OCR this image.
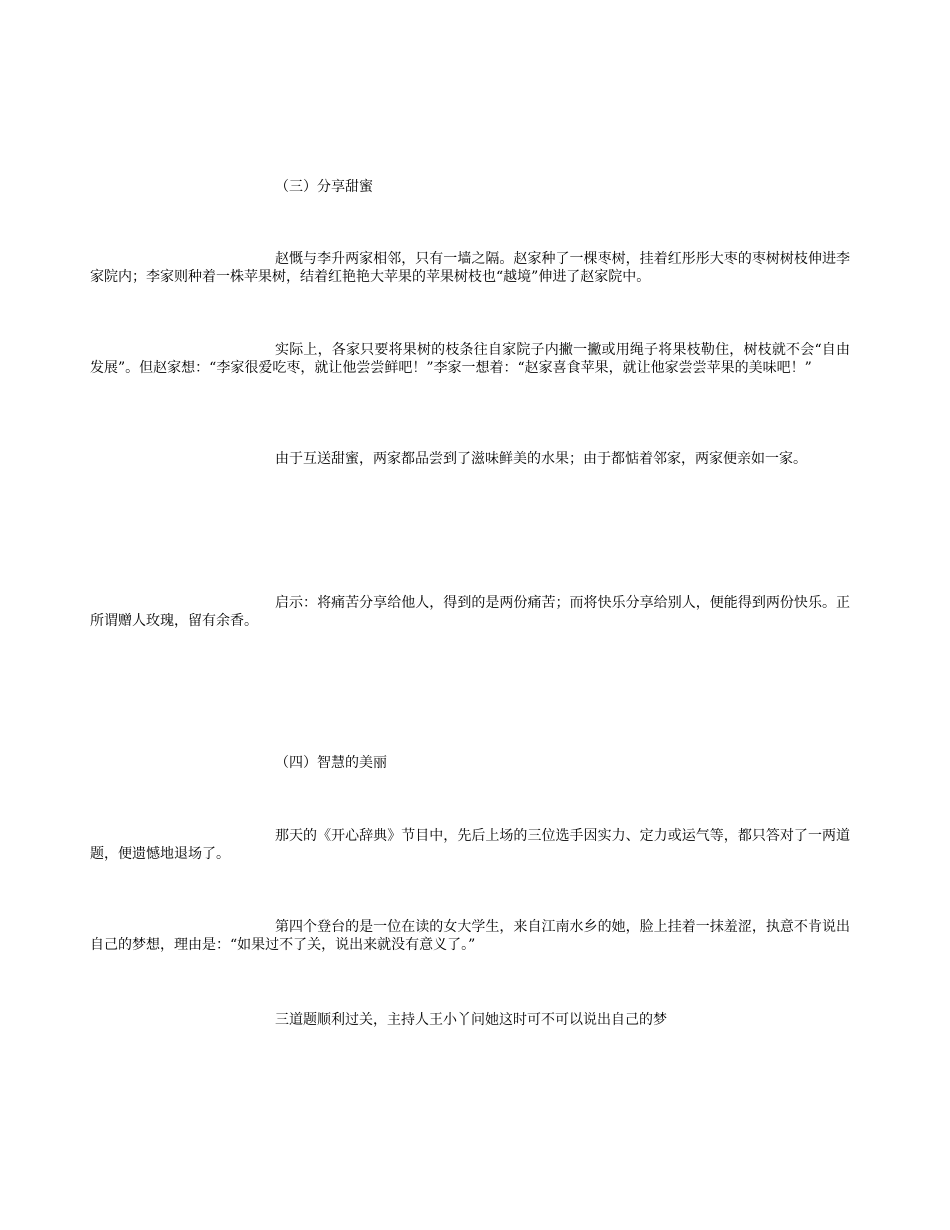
（三）分享甜蜜

赵慨与李升两家相邻，只有一墙之隔。赵家种了一棵枣树，挂着红彤彤大枣的枣树树枝伸进李家院内；李家则种着一株苹果树，结着红艳艳大苹果的苹果树枝也“越境”伸进了赵家院中。

实际上，各家只要将果树的枝条往自家院子内撇一撇或用绳子将果枝勒住，树枝就不会“自由发展”。但赵家想：“李家很爱吃枣，就让他尝尝鲜吧！”李家一想着：“赵家喜食苹果，就让他家尝尝苹果的美味吧！”

由于互送甜蜜，两家都品尝到了滋味鲜美的水果；由于都惦着邻家，两家便亲如一家。

启示：将痛苦分享给他人，得到的是两份痛苦；而将快乐分享给别人，便能得到两份快乐。正所谓赠人玫瑰，留有余香。

（四）智慧的美丽

那天的《开心辞典》节目中，先后上场的三位选手因实力、定力或运气等，都只答对了一两道题，便遗憾地退场了。

第四个登台的是一位在读的女大学生，来自江南水乡的她，脸上挂着一抹羞涩，执意不肯说出自己的梦想，理由是：“如果过不了关，说出来就没有意义了。”

三道题顺利过关，主持人王小丫问她这时可不可以说出自己的梦
